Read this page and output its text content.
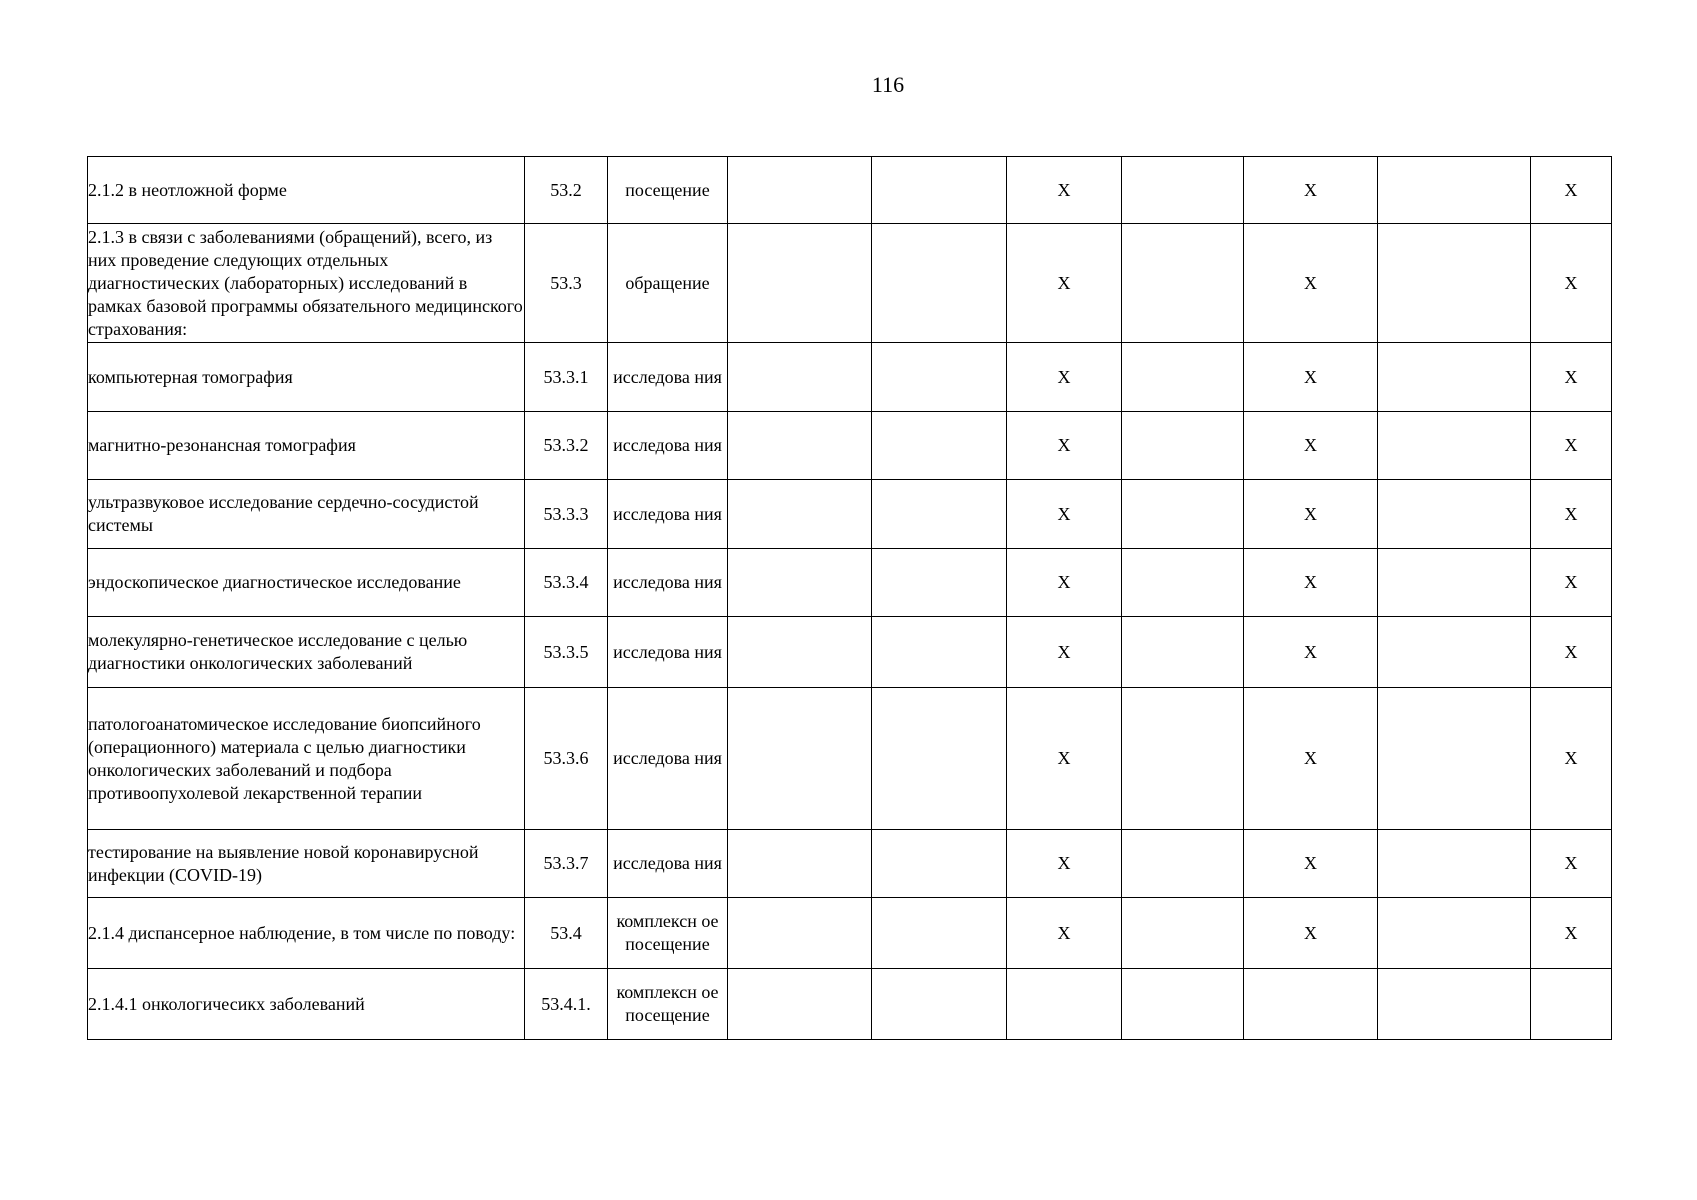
116
2.1.2 в неотложной форме	53.2	посещение			X		X		X
2.1.3 в связи с заболеваниями (обращений), всего, из них проведение следующих отдельных диагностических (лабораторных) исследований в рамках базовой программы обязательного медицинского страхования:	53.3	обращение			X		X		X
компьютерная томография	53.3.1	исследова ния			X		X		X
магнитно-резонансная томография	53.3.2	исследова ния			X		X		X
ультразвуковое исследование сердечно-сосудистой системы	53.3.3	исследова ния			X		X		X
эндоскопическое диагностическое исследование	53.3.4	исследова ния			X		X		X
молекулярно-генетическое исследование с целью диагностики онкологических заболеваний	53.3.5	исследова ния			X		X		X
патологоанатомическое исследование биопсийного (операционного) материала с целью диагностики онкологических заболеваний и подбора противоопухолевой лекарственной терапии	53.3.6	исследова ния			X		X		X
тестирование на выявление новой коронавирусной инфекции (COVID-19)	53.3.7	исследова ния			X		X		X
2.1.4 диспансерное наблюдение, в том числе по поводу:	53.4	комплексн ое посещение			X		X		X
2.1.4.1 онкологичесикх заболеваний	53.4.1.	комплексн ое посещение							
